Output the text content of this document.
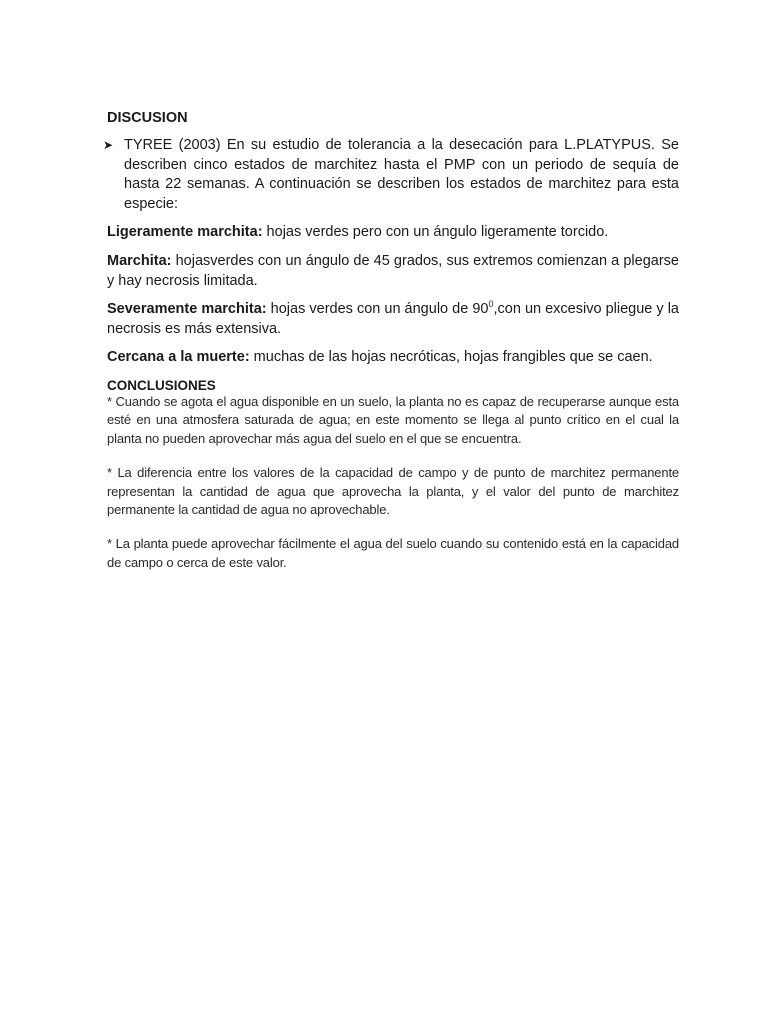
DISCUSION
➤ TYREE (2003) En su estudio de tolerancia a la desecación para L.PLATYPUS. Se describen cinco estados de marchitez hasta el PMP con un periodo de sequía de hasta 22 semanas. A continuación se describen los estados de marchitez para esta especie:

Ligeramente marchita: hojas verdes pero con un ángulo ligeramente torcido.

Marchita: hojasverdes con un ángulo de 45 grados, sus extremos comienzan a plegarse y hay necrosis limitada.

Severamente marchita: hojas verdes con un ángulo de $90^0,con$ un excesivo pliegue y la necrosis es más extensiva.

Cercana a la muerte: muchas de las hojas necróticas, hojas frangibles que se caen.

CONCLUSIONES

* Cuando se agota el agua disponible en un suelo, la planta no es capaz de recuperarse aunque esta esté en una atmosfera saturada de agua; en este momento se llega al punto crítico en el cual la planta no pueden aprovechar más agua del suelo en el que se encuentra.

* La diferencia entre los valores de la capacidad de campo y de punto de marchitez permanente representan la cantidad de agua que aprovecha la planta, y el valor del punto de marchitez permanente la cantidad de agua no aprovechable.

* La planta puede aprovechar fácilmente el agua del suelo cuando su contenido está en la capacidad de campo o cerca de este valor.
